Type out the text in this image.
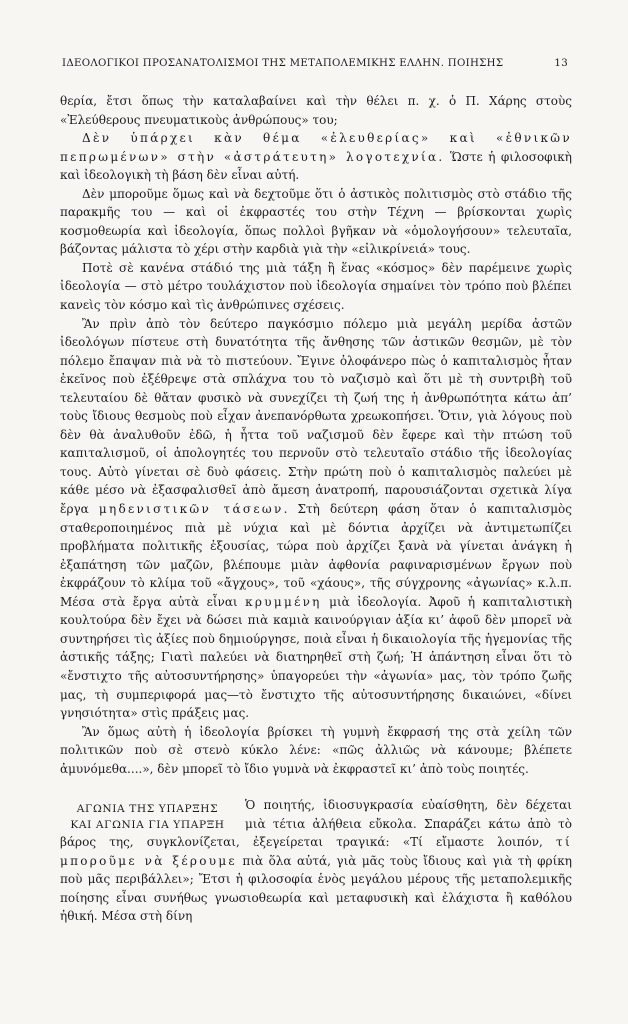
ΙΔΕΟΛΟΓΙΚΟΙ ΠΡΟΣΑΝΑΤΟΛΙΣΜΟΙ ΤΗΣ ΜΕΤΑΠΟΛΕΜΙΚΗΣ ΕΛΛΗΝ. ΠΟΙΗΣΗΣ	13

θερία, ἔτσι ὅπως τὴν καταλαβαίνει καὶ τὴν θέλει π. χ. ὁ Π. Χάρης στοὺς «Ἐλεύθερους πνευματικοὺς ἀνθρώπους» του;

Δὲν ὑπάρχει κὰν θέμα «ἐλευθερίας» καὶ «ἐθνικῶν πεπρωμένων» στὴν «ἀστράτευτη» λογοτεχνία. Ὥστε ἡ φιλοσοφικὴ καὶ ἰδεολογικὴ τὴ βάση δὲν εἶναι αὐτή.

Δὲν μποροῦμε ὅμως καὶ νὰ δεχτοῦμε ὅτι ὁ ἀστικὸς πολιτισμὸς στὸ στάδιο τῆς παρακμῆς του — καὶ οἱ ἐκφραστές του στὴν Τέχνη — βρίσκονται χωρὶς κοσμοθεωρία καὶ ἰδεολογία, ὅπως πολλοὶ βγῆκαν νὰ «ὁμολογήσουν» τελευταῖα, βάζοντας μάλιστα τὸ χέρι στὴν καρδιὰ γιὰ τὴν «εἰλικρίνειά» τους.

Ποτὲ σὲ κανένα στάδιό της μιὰ τάξη ἢ ἕνας «κόσμος» δὲν παρέμεινε χωρὶς ἰδεολογία — στὸ μέτρο τουλάχιστον ποὺ ἰδεολογία σημαίνει τὸν τρόπο ποὺ βλέπει κανεὶς τὸν κόσμο καὶ τὶς ἀνθρώπινες σχέσεις.

Ἂν πρὶν ἀπὸ τὸν δεύτερο παγκόσμιο πόλεμο μιὰ μεγάλη μερίδα ἀστῶν ἰδεολόγων πίστευε στὴ δυνατότητα τῆς ἄνθησης τῶν ἀστικῶν θεσμῶν, μὲ τὸν πόλεμο ἔπαψαν πιὰ νὰ τὸ πιστεύουν. Ἔγινε ὁλοφάνερο πὼς ὁ καπιταλισμὸς ἦταν ἐκεῖνος ποὺ ἐξέθρεψε στὰ σπλάχνα του τὸ ναζισμὸ καὶ ὅτι μὲ τὴ συντριβὴ τοῦ τελευταίου δὲ θἄταν φυσικὸ νὰ συνεχίζει τὴ ζωή της ἡ ἀνθρωπότητα κάτω ἀπ’ τοὺς ἴδιους θεσμοὺς ποὺ εἶχαν ἀνεπανόρθωτα χρεωκοπήσει. Ὅτιν, γιὰ λόγους ποὺ δὲν θὰ ἀναλυθοῦν ἐδῶ, ἡ ἧττα τοῦ ναζισμοῦ δὲν ἔφερε καὶ τὴν πτώση τοῦ καπιταλισμοῦ, οἱ ἀπολογητές του περνοῦν στὸ τελευταῖο στάδιο τῆς ἰδεολογίας τους. Αὐτὸ γίνεται σὲ δυὸ φάσεις. Στὴν πρώτη ποὺ ὁ καπιταλισμὸς παλεύει μὲ κάθε μέσο νὰ ἐξασφαλισθεῖ ἀπὸ ἄμεση ἀνατροπή, παρουσιάζονται σχετικὰ λίγα ἔργα μηδενιστικῶν τάσεων. Στὴ δεύτερη φάση ὅταν ὁ καπιταλισμὸς σταθεροποιημένος πιὰ μὲ νύχια καὶ μὲ δόντια ἀρχίζει νὰ ἀντιμετωπίζει προβλήματα πολιτικῆς ἐξουσίας, τώρα ποὺ ἀρχίζει ξανὰ νὰ γίνεται ἀνάγκη ἡ ἐξαπάτηση τῶν μαζῶν, βλέπουμε μιὰν ἀφθονία ραφιναρισμένων ἔργων ποὺ ἐκφράζουν τὸ κλίμα τοῦ «ἄγχους», τοῦ «χάους», τῆς σύγχρονης «ἀγωνίας» κ.λ.π. Μέσα στὰ ἔργα αὐτὰ εἶναι κρυμμένη μιὰ ἰδεολογία. Ἀφοῦ ἡ καπιταλιστικὴ κουλτούρα δὲν ἔχει νὰ δώσει πιὰ καμιὰ καινούργιαν ἀξία κι’ ἀφοῦ δὲν μπορεῖ νὰ συντηρήσει τὶς ἀξίες ποὺ δημιούργησε, ποιὰ εἶναι ἡ δικαιολογία τῆς ἡγεμονίας τῆς ἀστικῆς τάξης; Γιατὶ παλεύει νὰ διατηρηθεῖ στὴ ζωή; Ἡ ἀπάντηση εἶναι ὅτι τὸ «ἔνστιχτο τῆς αὐτοσυντήρησης» ὑπαγορεύει τὴν «ἀγωνία» μας, τὸν τρόπο ζωῆς μας, τὴ συμπεριφορά μας—τὸ ἔνστιχτο τῆς αὐτοσυντήρησης δικαιώνει, «δίνει γνησιότητα» στὶς πράξεις μας.

Ἂν ὅμως αὐτὴ ἡ ἰδεολογία βρίσκει τὴ γυμνὴ ἔκφρασή της στὰ χείλη τῶν πολιτικῶν ποὺ σὲ στενὸ κύκλο λένε: «πῶς ἀλλιῶς νὰ κάνουμε; βλέπετε ἀμυνόμεθα....», δὲν μπορεῖ τὸ ἴδιο γυμνὰ νὰ ἐκφραστεῖ κι’ ἀπὸ τοὺς ποιητές.

ΑΓΩΝΙΑ ΤΗΣ ΥΠΑΡΞΗΣ
ΚΑΙ ΑΓΩΝΙΑ ΓΙΑ ΥΠΑΡΞΗ

Ὁ ποιητής, ἰδιοσυγκρασία εὐαίσθητη, δὲν δέχεται μιὰ τέτια ἀλήθεια εὔκολα. Σπαράζει κάτω ἀπὸ τὸ βάρος της, συγκλονίζεται, ἐξεγείρεται τραγικά: «Τί εἴμαστε λοιπόν, τί μποροῦμε νὰ ξέρουμε πιὰ ὅλα αὐτά, γιὰ μᾶς τοὺς ἴδιους καὶ γιὰ τὴ φρίκη ποὺ μᾶς περιβάλλει»; Ἔτσι ἡ φιλοσοφία ἑνὸς μεγάλου μέρους τῆς μεταπολεμικῆς ποίησης εἶναι συνήθως γνωσιοθεωρία καὶ μεταφυσικὴ καὶ ἐλάχιστα ἢ καθόλου ἠθική. Μέσα στὴ δίνη
